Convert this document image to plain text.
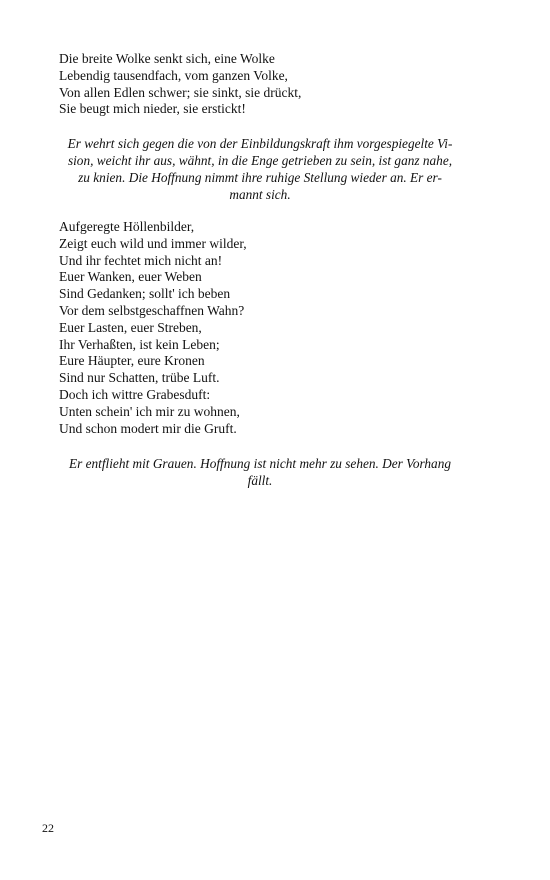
Die breite Wolke senkt sich, eine Wolke
Lebendig tausendfach, vom ganzen Volke,
Von allen Edlen schwer; sie sinkt, sie drückt,
Sie beugt mich nieder, sie erstickt!
Er wehrt sich gegen die von der Einbildungskraft ihm vorgespiegelte Vi-
sion, weicht ihr aus, wähnt, in die Enge getrieben zu sein, ist ganz nahe,
zu knien. Die Hoffnung nimmt ihre ruhige Stellung wieder an. Er er-
mannt sich.
Aufgeregte Höllenbilder,
Zeigt euch wild und immer wilder,
Und ihr fechtet mich nicht an!
Euer Wanken, euer Weben
Sind Gedanken; sollt' ich beben
Vor dem selbstgeschaffnen Wahn?
Euer Lasten, euer Streben,
Ihr Verhaßten, ist kein Leben;
Eure Häupter, eure Kronen
Sind nur Schatten, trübe Luft.
Doch ich wittre Grabesduft:
Unten schein' ich mir zu wohnen,
Und schon modert mir die Gruft.
Er entflieht mit Grauen. Hoffnung ist nicht mehr zu sehen. Der Vorhang
fällt.
22
